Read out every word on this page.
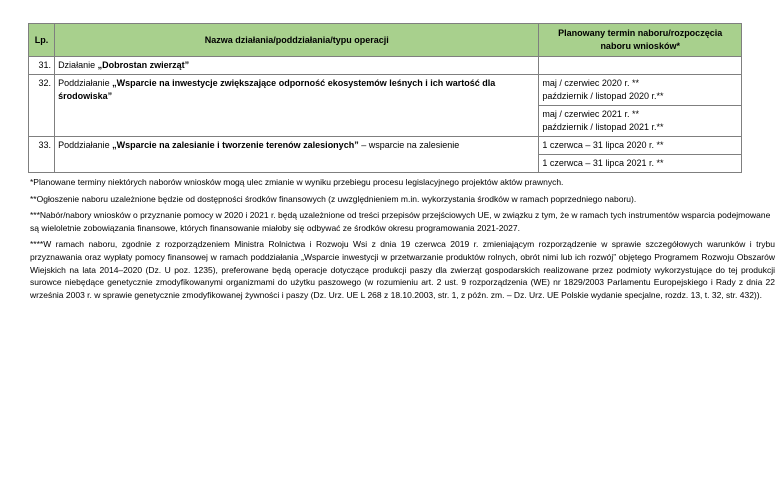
Lp.	Nazwa działania/poddziałania/typu operacji	Planowany termin naboru/rozpoczęcia naboru wniosków*
31.	Działanie „Dobrostan zwierząt”	
32.	Poddziałanie „Wsparcie na inwestycje zwiększające odporność ekosystemów leśnych i ich wartość dla środowiska”	maj / czerwiec 2020 r. **
październik / listopad 2020 r.**

		maj / czerwiec 2021 r. **
październik / listopad 2021 r.**

33.	Poddziałanie „Wsparcie na zalesianie i tworzenie terenów zalesionych” – wsparcie na zalesienie	1 czerwca – 31 lipca 2020 r. **
		1 czerwca – 31 lipca 2021 r. **

*Planowane terminy niektórych naborów wniosków mogą ulec zmianie w wyniku przebiegu procesu legislacyjnego projektów aktów prawnych.

**Ogłoszenie naboru uzależnione będzie od dostępności środków finansowych (z uwzględnieniem m.in. wykorzystania środków w ramach poprzedniego naboru).

***Nabór/nabory wniosków o przyznanie pomocy w 2020 i 2021 r. będą uzależnione od treści przepisów przejściowych UE, w związku z tym, że w ramach tych instrumentów wsparcia podejmowane są wieloletnie zobowiązania finansowe, których finansowanie miałoby się odbywać ze środków okresu programowania 2021-2027.

****W ramach naboru, zgodnie z rozporządzeniem Ministra Rolnictwa i Rozwoju Wsi z dnia 19 czerwca 2019 r. zmieniającym rozporządzenie w sprawie szczegółowych warunków i trybu przyznawania oraz wypłaty pomocy finansowej w ramach poddziałania „Wsparcie inwestycji w przetwarzanie produktów rolnych, obrót nimi lub ich rozwój” objętego Programem Rozwoju Obszarów Wiejskich na lata 2014–2020 (Dz. U poz. 1235), preferowane będą operacje dotyczące produkcji paszy dla zwierząt gospodarskich realizowane przez podmioty wykorzystujące do tej produkcji surowce niebędące genetycznie zmodyfikowanymi organizmami do użytku paszowego (w rozumieniu art. 2 ust. 9 rozporządzenia (WE) nr 1829/2003 Parlamentu Europejskiego i Rady z dnia 22 września 2003 r. w sprawie genetycznie zmodyfikowanej żywności i paszy (Dz. Urz. UE L 268 z 18.10.2003, str. 1, z późn. zm. – Dz. Urz. UE Polskie wydanie specjalne, rozdz. 13, t. 32, str. 432)).
